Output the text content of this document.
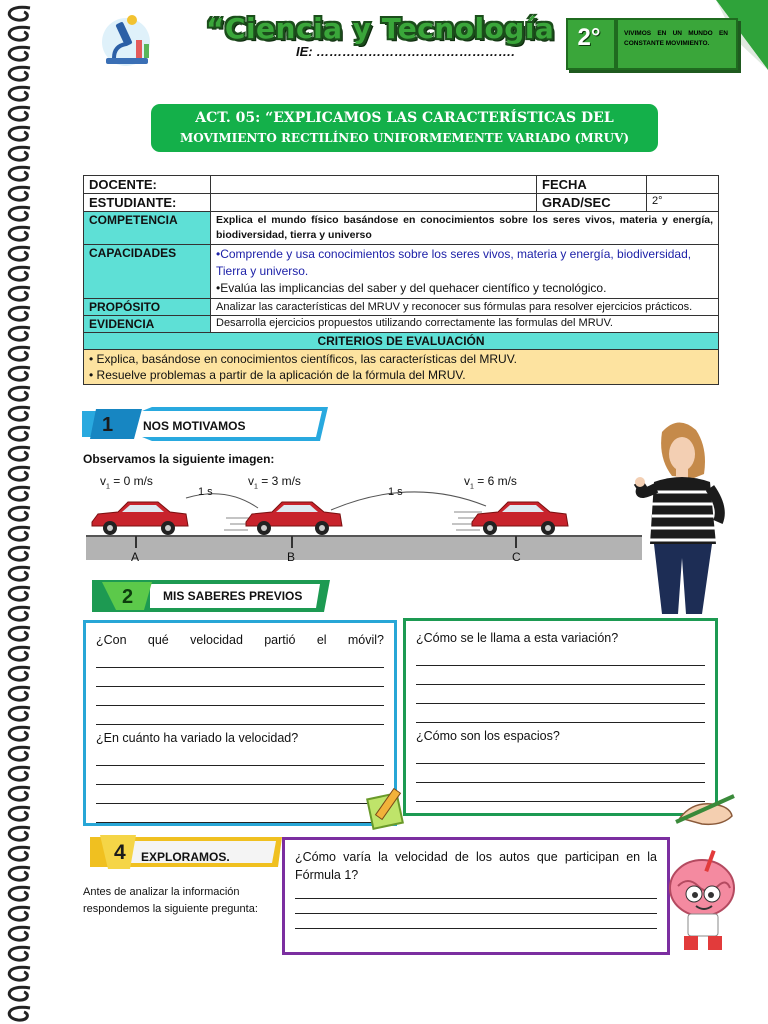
“Ciencia y Tecnología
IE: ……………………………………….
2°	VIVIMOS EN UN MUNDO EN CONSTANTE MOVIMIENTO.
ACT. 05: “EXPLICAMOS LAS CARACTERÍSTICAS DEL
MOVIMIENTO RECTILÍNEO UNIFORMEMENTE VARIADO (MRUV)
DOCENTE:		FECHA	
ESTUDIANTE:		GRAD/SEC	2°
COMPETENCIA	Explica el mundo físico basándose en conocimientos sobre los seres vivos, materia y energía, biodiversidad, tierra y universo		
CAPACIDADES	•Comprende y usa conocimientos sobre los seres vivos, materia y energía, biodiversidad, Tierra y universo.
•Evalúa las implicancias del saber y del quehacer científico y tecnológico.		

PROPÓSITO	Analizar las características del MRUV y reconocer sus fórmulas para resolver ejercicios prácticos.		
EVIDENCIA	Desarrolla ejercicios propuestos utilizando correctamente las formulas del MRUV.		
CRITERIOS DE EVALUACIÓN			

• Explica, basándose en conocimientos científicos, las características del MRUV.
• Resuelve problemas a partir de la aplicación de la fórmula del MRUV.			
1 NOS MOTIVAMOS
Observamos la siguiente imagen:
$v_1 = 0$ m/s	$v_1 = 3$ m/s	$v_1 = 6$ m/s
1 s	1 s
A	B	C
2 MIS SABERES PREVIOS
¿Con qué velocidad partió el móvil?
¿En cuánto ha variado la velocidad?
¿Cómo se le llama a esta variación?
¿Cómo son los espacios?
4 EXPLORAMOS.
Antes de analizar la información respondemos la siguiente pregunta:
¿Cómo varía la velocidad de los autos que participan en la Fórmula 1?
